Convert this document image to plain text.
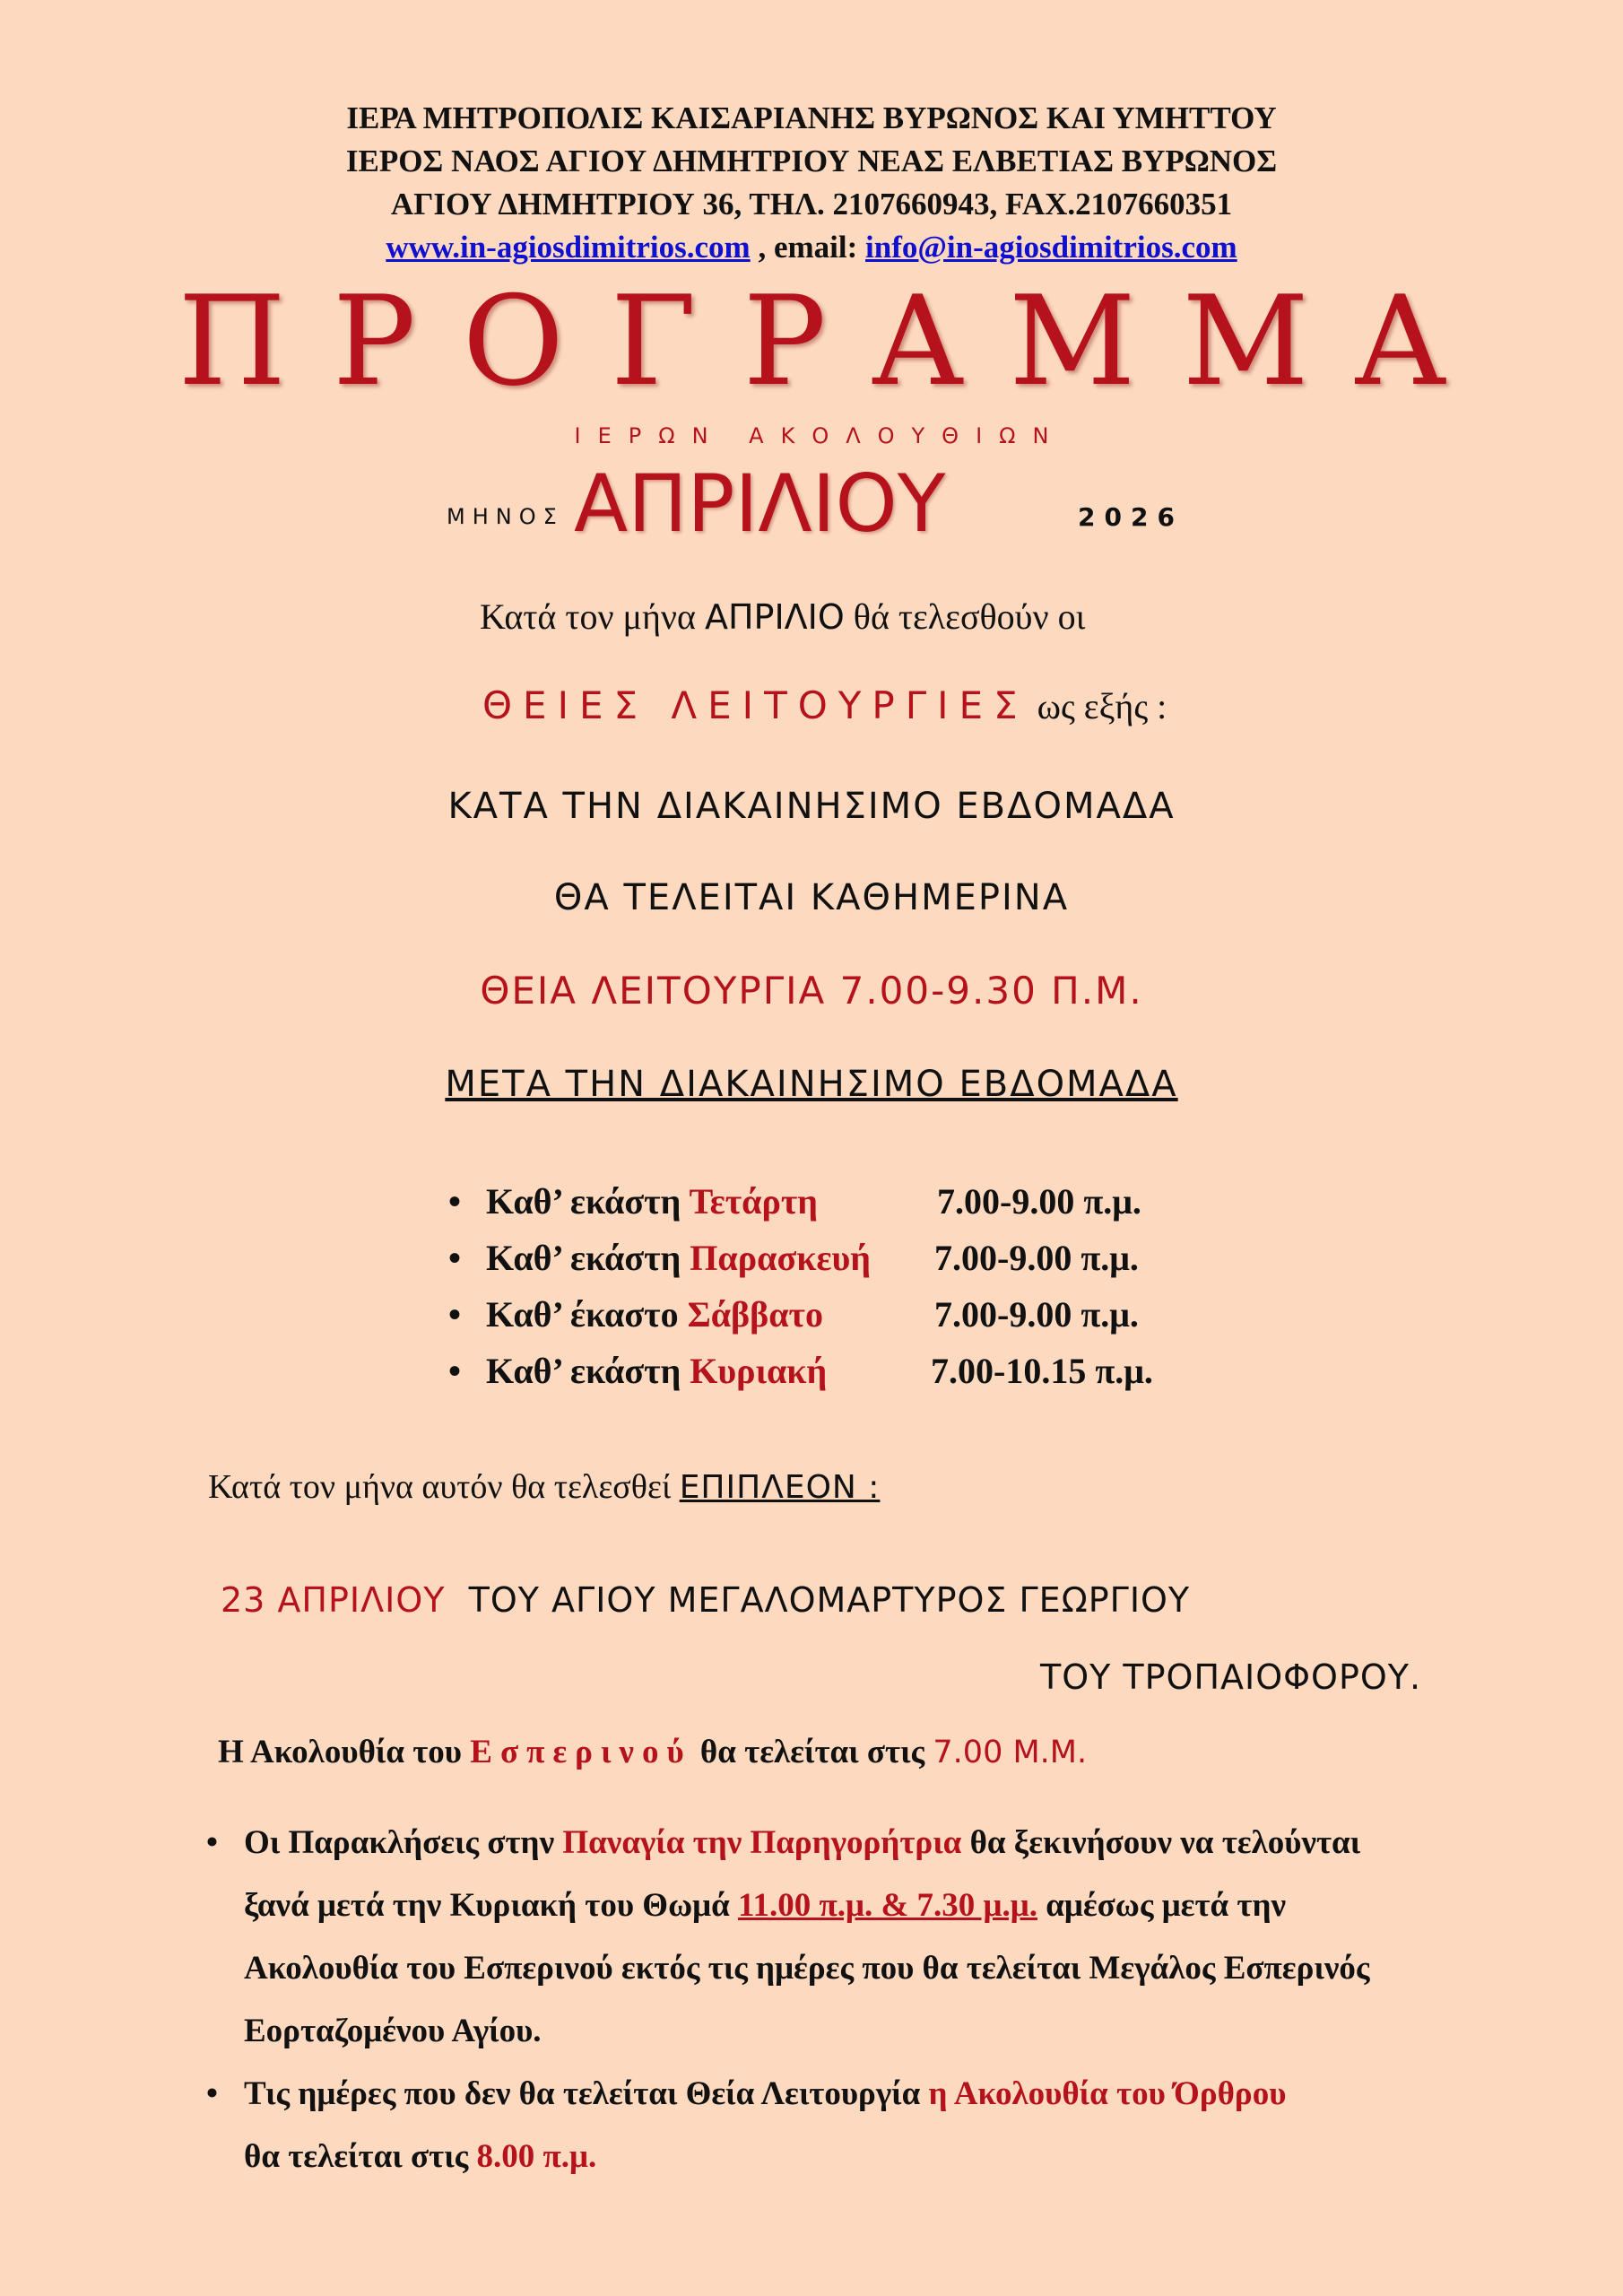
ΙΕΡΑ ΜΗΤΡΟΠΟΛΙΣ ΚΑΙΣΑΡΙΑΝΗΣ ΒΥΡΩΝΟΣ ΚΑΙ ΥΜΗΤΤΟΥ
ΙΕΡΟΣ ΝΑΟΣ ΑΓΙΟΥ ΔΗΜΗΤΡΙΟΥ ΝΕΑΣ ΕΛΒΕΤΙΑΣ ΒΥΡΩΝΟΣ
ΑΓΙΟΥ ΔΗΜΗΤΡΙΟΥ 36, ΤΗΛ. 2107660943, FAX.2107660351
www.in-agiosdimitrios.com , email: info@in-agiosdimitrios.com
ΠΡΟΓΡΑΜΜΑ
ΙΕΡΩΝ ΑΚΟΛΟΥΘΙΩΝ
ΜΗΝΟΣ ΑΠΡΙΛΙΟΥ	2026
Κατά τον μήνα ΑΠΡΙΛΙΟ θά τελεσθούν οι
ΘΕΙΕΣ ΛΕΙΤΟΥΡΓΙΕΣ ως εξής :
ΚΑΤΑ ΤΗΝ ΔΙΑΚΑΙΝΗΣΙΜΟ ΕΒΔΟΜΑΔΑ
ΘΑ ΤΕΛΕΙΤΑΙ ΚΑΘΗΜΕΡΙΝΑ
ΘΕΙΑ ΛΕΙΤΟΥΡΓΙΑ 7.00-9.30 Π.Μ.
ΜΕΤΑ ΤΗΝ ΔΙΑΚΑΙΝΗΣΙΜΟ ΕΒΔΟΜΑΔΑ
• Καθ’ εκάστη Τετάρτη	7.00-9.00 π.μ.
• Καθ’ εκάστη Παρασκευή 7.00-9.00 π.μ.
• Καθ’ έκαστο Σάββατο	7.00-9.00 π.μ.
• Καθ’ εκάστη Κυριακή	7.00-10.15 π.μ.
Κατά τον μήνα αυτόν θα τελεσθεί ΕΠΙΠΛΕΟΝ :
23 ΑΠΡΙΛΙΟΥ ΤΟΥ ΑΓΙΟΥ ΜΕΓΑΛΟΜΑΡΤΥΡΟΣ ΓΕΩΡΓΙΟΥ
ΤΟΥ ΤΡΟΠΑΙΟΦΟΡΟΥ.
Η Ακολουθία του Εσπερινού θα τελείται στις 7.00 Μ.Μ.
• Οι Παρακλήσεις στην Παναγία την Παρηγορήτρια θα ξεκινήσουν να τελούνται
ξανά μετά την Κυριακή του Θωμά 11.00 π.μ. & 7.30 μ.μ. αμέσως μετά την
Ακολουθία του Εσπερινού εκτός τις ημέρες που θα τελείται Μεγάλος Εσπερινός
Εορταζομένου Αγίου.
• Τις ημέρες που δεν θα τελείται Θεία Λειτουργία η Ακολουθία του Όρθρου
θα τελείται στις 8.00 π.μ.
